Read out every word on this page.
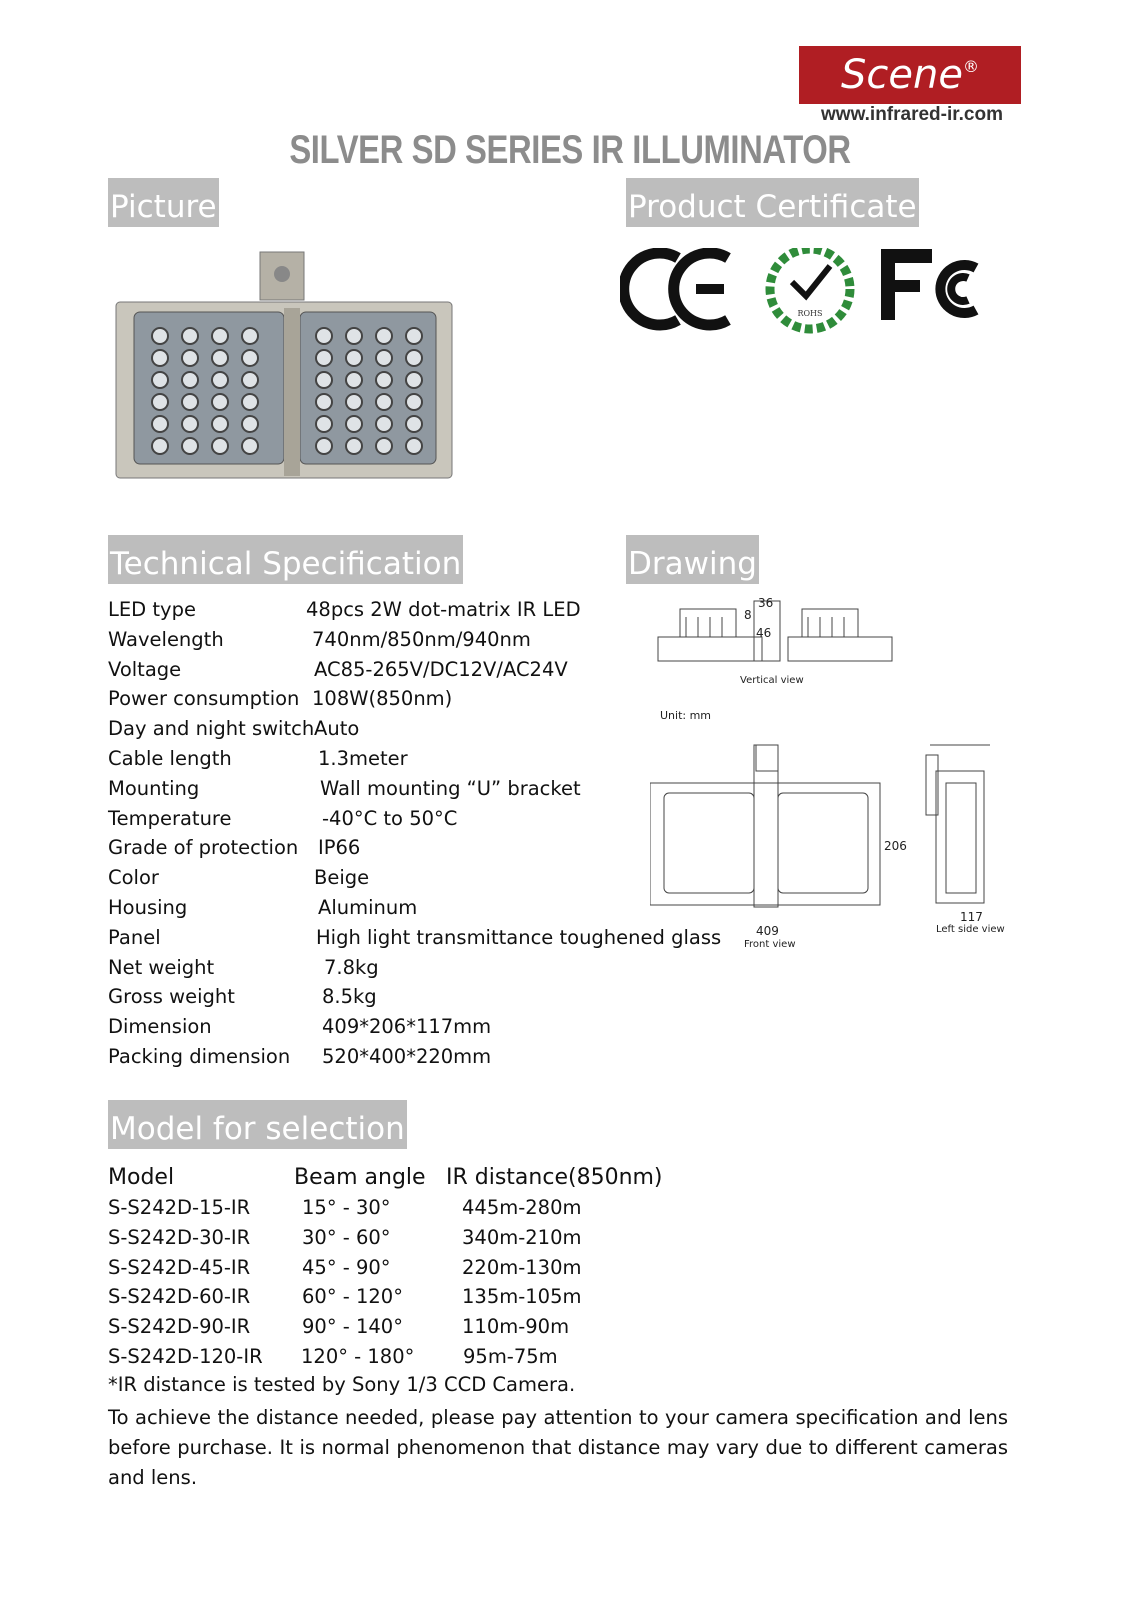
Scene®
www.infrared-ir.com
SILVER SD SERIES IR ILLUMINATOR
Picture	Product Certificate
Technical Specification	Drawing
Model for selection
ROHS
LED type	48pcs 2W dot-matrix IR LED
Wavelength	740nm/850nm/940nm
Voltage	AC85-265V/DC12V/AC24V
Power consumption 108W(850nm)
Day and night switch Auto
Cable length	1.3meter
Mounting	Wall mounting “U” bracket
Temperature	-40°C to 50°C
Grade of protection IP66
Color	Beige
Housing	Aluminum
Panel	High light transmittance toughened glass
Net weight	7.8kg
Gross weight	8.5kg
Dimension	409*206*117mm
Packing dimension 520*400*220mm
36
8
46
Vertical view
Unit: mm
206
409
Front view
117
Left side view
Model	Beam angle IR distance(850nm)
S-S242D-15-IR	15° - 30°	445m-280m
S-S242D-30-IR	30° - 60°	340m-210m
S-S242D-45-IR	45° - 90°	220m-130m
S-S242D-60-IR	60° - 120°	135m-105m
S-S242D-90-IR	90° - 140°	110m-90m
S-S242D-120-IR 120° - 180° 95m-75m
*IR distance is tested by Sony 1/3 CCD Camera.
To achieve the distance needed, please pay attention to your camera specification and lens before purchase. It is normal phenomenon that distance may vary due to different cameras and lens.
